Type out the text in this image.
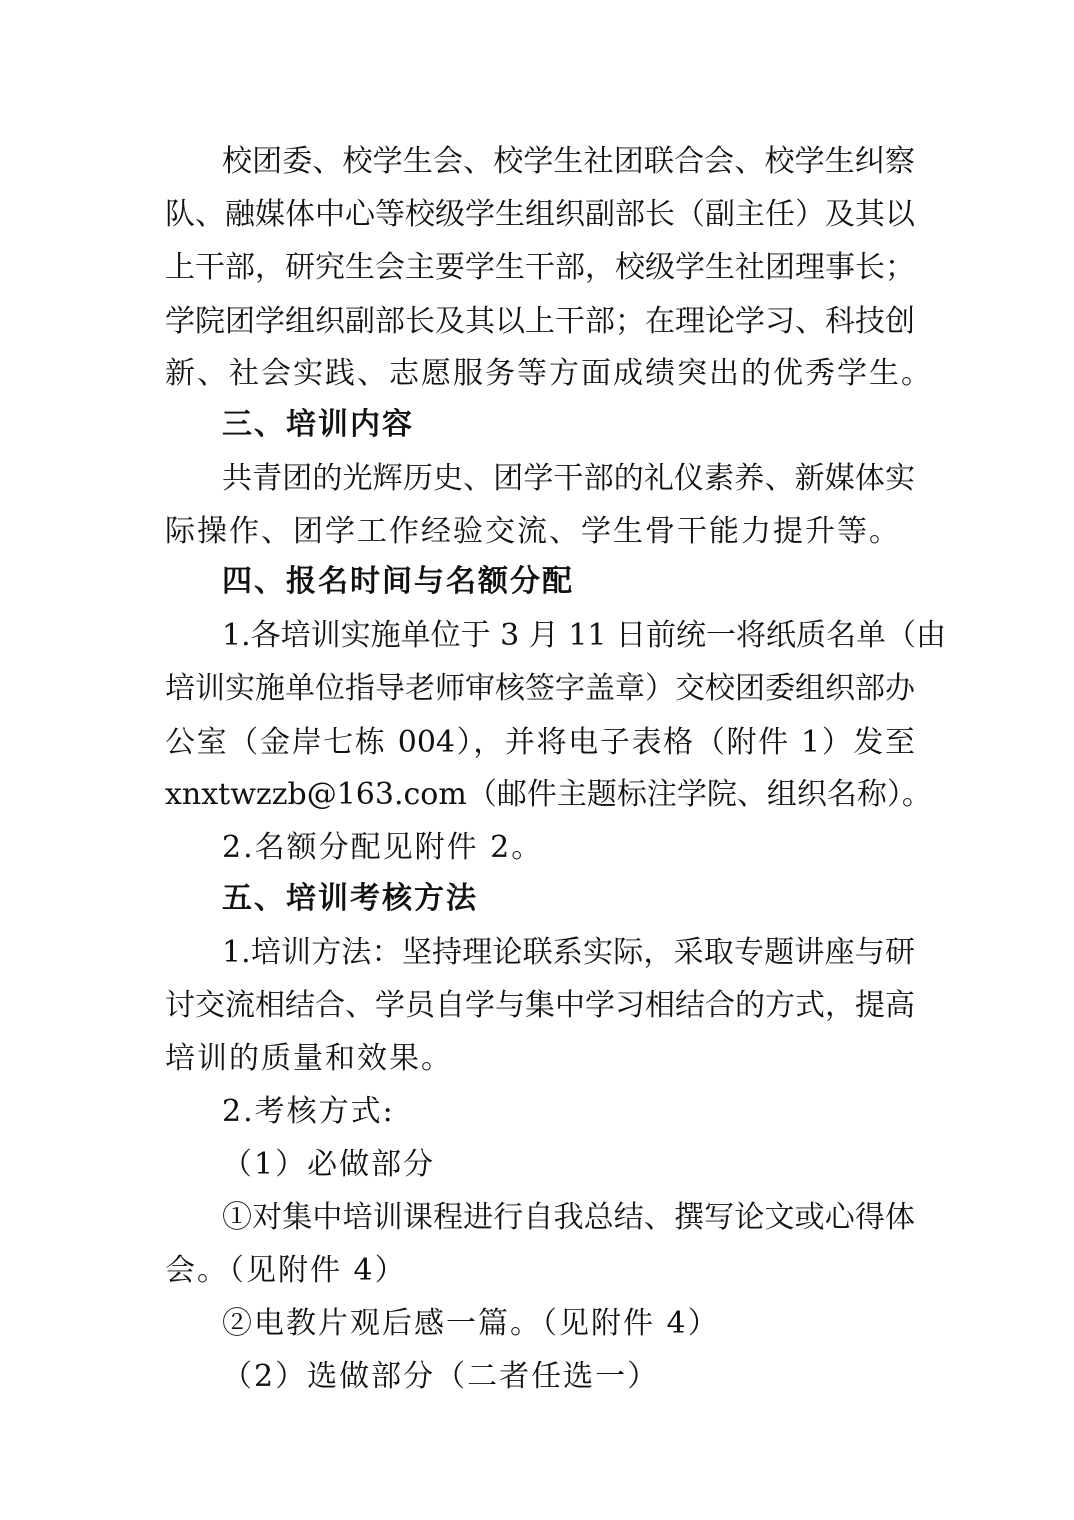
校团委、校学生会、校学生社团联合会、校学生纠察
队、融媒体中心等校级学生组织副部长（副主任）及其以
上干部，研究生会主要学生干部，校级学生社团理事长；
学院团学组织副部长及其以上干部；在理论学习、科技创
新、社会实践、志愿服务等方面成绩突出的优秀学生。
三、培训内容
共青团的光辉历史、团学干部的礼仪素养、新媒体实
际操作、团学工作经验交流、学生骨干能力提升等。
四、报名时间与名额分配
1.各培训实施单位于 3 月 11 日前统一将纸质名单（由
培训实施单位指导老师审核签字盖章）交校团委组织部办
公室（金岸七栋 004），并将电子表格（附件 1）发至
xnxtwzzb@163.com（邮件主题标注学院、组织名称）。
2.名额分配见附件 2。
五、培训考核方法
1.培训方法：坚持理论联系实际，采取专题讲座与研
讨交流相结合、学员自学与集中学习相结合的方式，提高
培训的质量和效果。
2.考核方式:
（1）必做部分
①对集中培训课程进行自我总结、撰写论文或心得体
会。（见附件 4）
②电教片观后感一篇。（见附件 4）
（2）选做部分（二者任选一）
